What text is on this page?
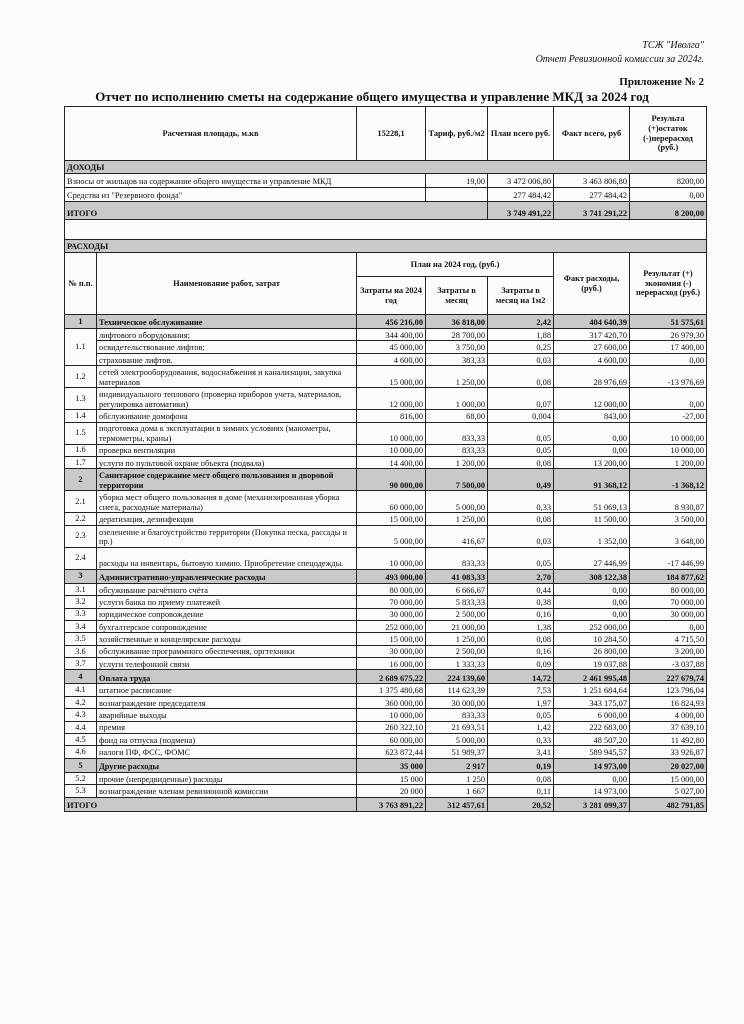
ТСЖ "Иволга"
Отчет Ревизионной комиссии за 2024г.
Приложение № 2
Отчет по исполнению сметы на содержание общего имущества и управление МКД за 2024 год
Расчетная площадь, м.кв		15228,1	Тариф, руб./м2	План всего руб.	Факт всего, руб	Результа (+)остаток (-)перерасход (руб.)
ДОХОДЫ						
Взносы от жильцов на содержание общего имущества и управление МКД			19,00	3 472 006,80	3 463 806,80	8200,00
Средства из "Резервного фонда"				277 484,42	277 484,42	0,00
ИТОГО				3 749 491,22	3 741 291,22	8 200,00

РАСХОДЫ						
№ п.п.	Наименование работ, затрат	План на 2024 год, (руб.)			Факт расходы, (руб.)	Результат (+) экономия (-) перерасход (руб.)
		Затраты на 2024 год	Затраты в месяц	Затраты в месяц на 1м2		
1	Техническое обслуживание	456 216,00	36 818,00	2,42	404 640,39	51 575,61
1.1	лифтового оборудования;	344 400,00	28 700,00	1,88	317 420,70	26 979,30
	освидетельствование лифтов;	45 000,00	3 750,00	0,25	27 600,00	17 400,00
	страхование лифтов.	4 600,00	383,33	0,03	4 600,00	0,00
1.2	сетей электрооборудования, водоснабжения и канализации, закупка материалов	15 000,00	1 250,00	0,08	28 976,69	-13 976,69
1.3	индивидуального теплового (проверка приборов учета, материалов, регулировка автоматики)	12 000,00	1 000,00	0,07	12 000,00	0,00
1.4	обслуживание домофона	816,00	68,00	0,004	843,00	-27,00
1.5	подготовка дома к эксплуатации в зимних условиях (манометры, термометры, краны)	10 000,00	833,33	0,05	0,00	10 000,00
1.6	проверка вентиляции	10 000,00	833,33	0,05	0,00	10 000,00
1.7	услуги по пультовой охране объекта (подвала)	14 400,00	1 200,00	0,08	13 200,00	1 200,00
2	Санитарное содержание мест общего пользования и дворовой территории	90 000,00	7 500,00	0,49	91 368,12	-1 368,12
2.1	уборка мест общего пользования в доме (механизированная уборка снега, расходные материалы)	60 000,00	5 000,00	0,33	51 069,13	8 930,87
2.2	дератизация, дезинфекция	15 000,00	1 250,00	0,08	11 500,00	3 500,00
2.3	озеленение и благоустройство территории (Покупка песка, рассады и пр.)	5 000,00	416,67	0,03	1 352,00	3 648,00
2.4	расходы на инвентарь, бытовую химию. Приобретение спецодежды.	10 000,00	833,33	0,05	27 446,99	-17 446,99
3	Административно-управленческие расходы	493 000,00	41 083,33	2,70	308 122,38	184 877,62
3.1	обсуживание расчётного счёта	80 000,00	6 666,67	0,44	0,00	80 000,00
3.2	услуги банка по приему платежей	70 000,00	5 833,33	0,38	0,00	70 000,00
3.3	юридическое сопровождение	30 000,00	2 500,00	0,16	0,00	30 000,00
3.4	бухгалтерское сопровождение	252 000,00	21 000,00	1,38	252 000,00	0,00
3.5	хозяйственные и концелярские расходы	15 000,00	1 250,00	0,08	10 284,50	4 715,50
3.6	обслуживание программного обеспечения, оргтехники	30 000,00	2 500,00	0,16	26 800,00	3 200,00
3.7	услуги телефонной связи	16 000,00	1 333,33	0,09	19 037,88	-3 037,88
4	Оплата труда	2 689 675,22	224 139,60	14,72	2 461 995,48	227 679,74
4.1	штатное расписание	1 375 480,68	114 623,39	7,53	1 251 684,64	123 796,04
4.2	вознаграждение председателя	360 000,00	30 000,00	1,97	343 175,07	16 824,93
4.3	аварийные выходы	10 000,00	833,33	0,05	6 000,00	4 000,00
4.4	премия	260 322,10	21 693,51	1,42	222 683,00	37 639,10
4.5	фонд на отпуска (подмена)	60 000,00	5 000,00	0,33	48 507,20	11 492,80
4.6	налоги ПФ, ФСС, ФОМС	623 872,44	51 989,37	3,41	589 945,57	33 926,87
5	Другие расходы	35 000	2 917	0,19	14 973,00	20 027,00
5.2	прочие (непредвиденные) расходы	15 000	1 250	0,08	0,00	15 000,00
5.3	вознаграждение членам ревизионной комиссии	20 000	1 667	0,11	14 973,00	5 027,00
ИТОГО		3 763 891,22	312 457,61	20,52	3 281 099,37	482 791,85
